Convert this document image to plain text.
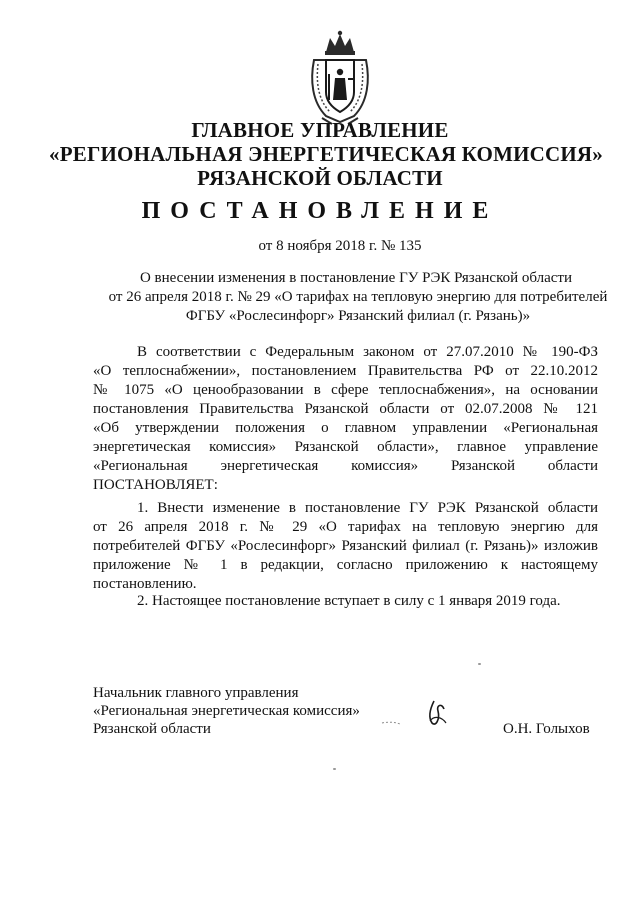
ГЛАВНОЕ УПРАВЛЕНИЕ
«РЕГИОНАЛЬНАЯ ЭНЕРГЕТИЧЕСКАЯ КОМИССИЯ»
РЯЗАНСКОЙ ОБЛАСТИ
ПОСТАНОВЛЕНИЕ
от 8 ноября 2018 г. № 135
О внесении изменения в постановление ГУ РЭК Рязанской области
от 26 апреля 2018 г. № 29 «О тарифах на тепловую энергию для потребителей
ФГБУ «Рослесинфорг» Рязанский филиал (г. Рязань)»
В соответствии с Федеральным законом от 27.07.2010 № 190-ФЗ
«О теплоснабжении», постановлением Правительства РФ от 22.10.2012
№ 1075 «О ценообразовании в сфере теплоснабжения», на основании
постановления Правительства Рязанской области от 02.07.2008 № 121
«Об утверждении положения о главном управлении «Региональная
энергетическая комиссия» Рязанской области», главное управление
«Региональная энергетическая комиссия» Рязанской области
ПОСТАНОВЛЯЕТ:
1. Внести изменение в постановление ГУ РЭК Рязанской области
от 26 апреля 2018 г. № 29 «О тарифах на тепловую энергию для
потребителей ФГБУ «Рослесинфорг» Рязанский филиал (г. Рязань)» изложив
приложение № 1 в редакции, согласно приложению к настоящему
постановлению.
2. Настоящее постановление вступает в силу с 1 января 2019 года.
Начальник главного управления
«Региональная энергетическая комиссия»
Рязанской области	О.Н. Голыхов
